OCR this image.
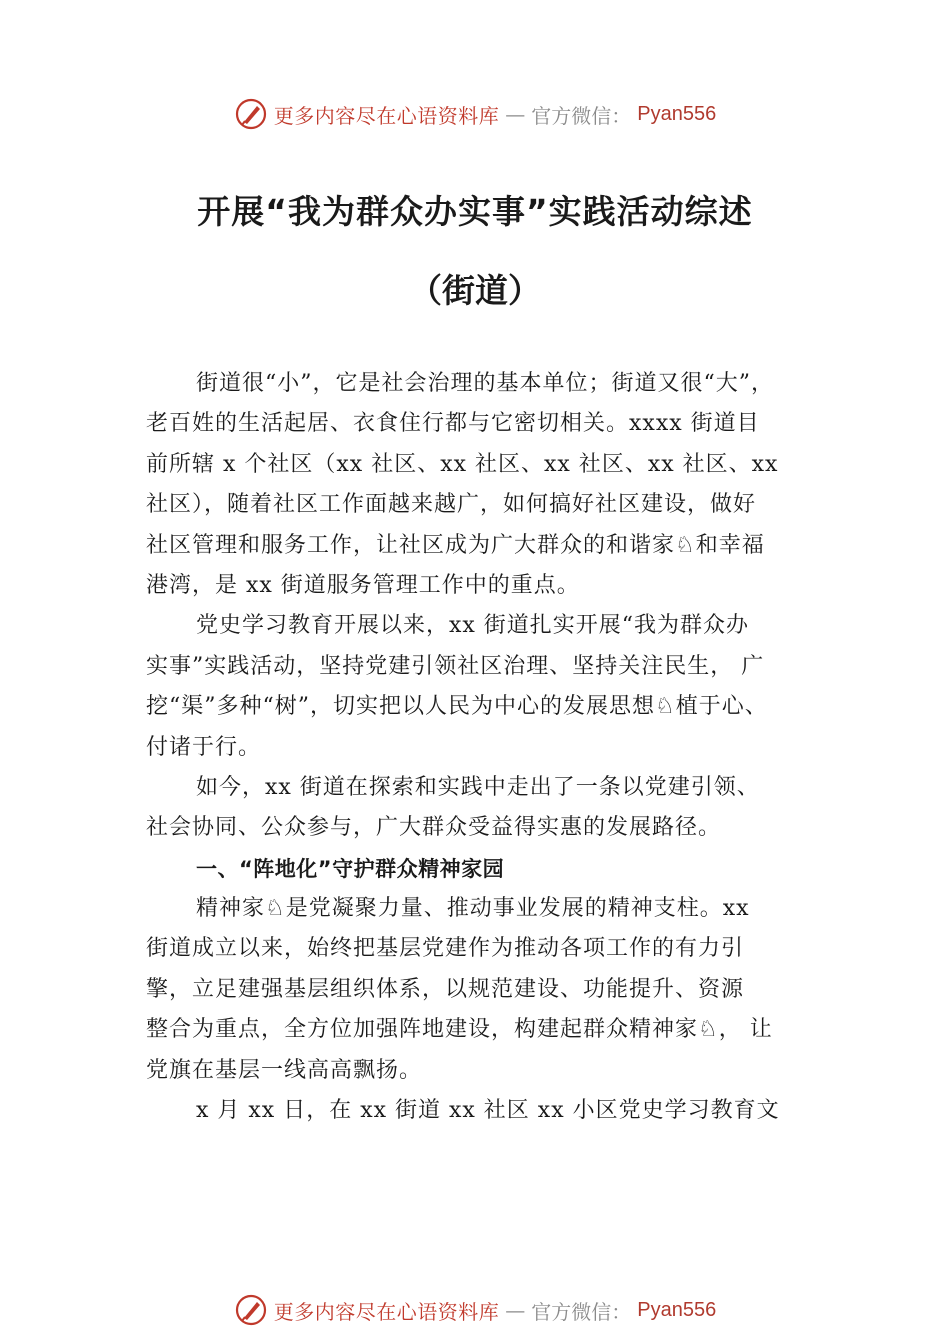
更多内容尽在心语资料库 — 官方微信： Pyan556
开展“我为群众办实事”实践活动综述
（街道）
街道很“小”，它是社会治理的基本单位；街道又很“大”，
老百姓的生活起居、衣食住行都与它密切相关。xxxx 街道目
前所辖 x 个社区（xx 社区、xx 社区、xx 社区、xx 社区、xx
社区），随着社区工作面越来越广，如何搞好社区建设，做好
社区管理和服务工作，让社区成为广大群众的和谐家♘和幸福
港湾，是 xx 街道服务管理工作中的重点。
党史学习教育开展以来，xx 街道扎实开展“我为群众办
实事”实践活动，坚持党建引领社区治理、坚持关注民生， 广
挖“渠”多种“树”，切实把以人民为中心的发展思想♘植于心、
付诸于行。
如今，xx 街道在探索和实践中走出了一条以党建引领、
社会协同、公众参与，广大群众受益得实惠的发展路径。
一、“阵地化”守护群众精神家园
精神家♘是党凝聚力量、推动事业发展的精神支柱。xx
街道成立以来，始终把基层党建作为推动各项工作的有力引
擎，立足建强基层组织体系，以规范建设、功能提升、资源
整合为重点，全方位加强阵地建设，构建起群众精神家♘， 让
党旗在基层一线高高飘扬。
x 月 xx 日，在 xx 街道 xx 社区 xx 小区党史学习教育文
更多内容尽在心语资料库 — 官方微信： Pyan556
